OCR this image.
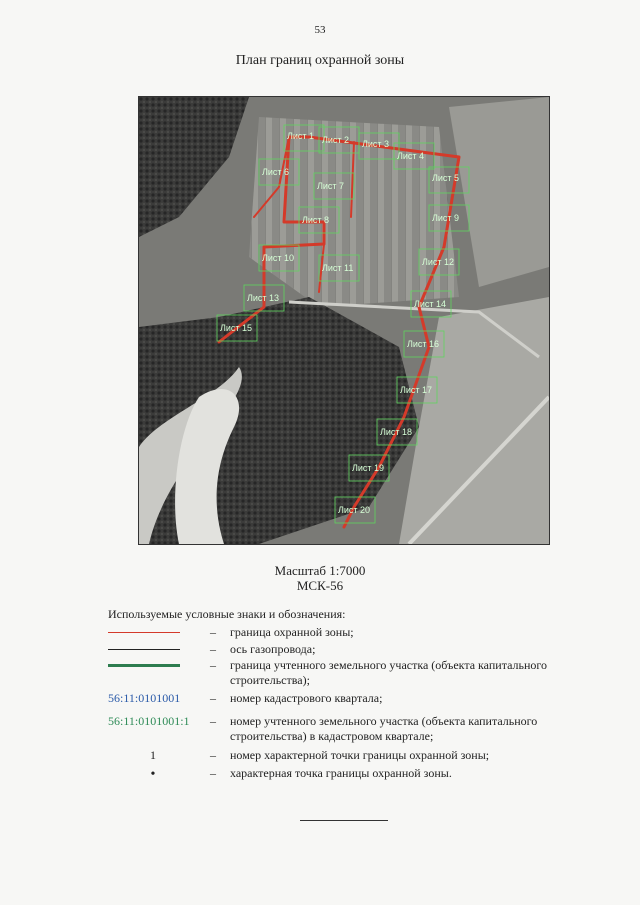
53
План границ охранной зоны
Лист 1 Лист 2 Лист 3
Лист 4
Лист 5
Лист 6
Лист 7
Лист 8	Лист 9
Лист 10
Лист 11
Лист 12
Лист 13
Лист 14
Лист 15
Лист 16
Лист 17
Лист 18
Лист 19
Лист 20
Масштаб 1:7000
МСК-56
Используемые условные знаки и обозначения:
–	граница охранной зоны;
–	ось газопровода;
–	граница учтенного земельного участка (объекта капитального строительства);
56:11:0101001	–	номер кадастрового квартала;
56:11:0101001:1	–	номер учтенного земельного участка (объекта капитального строительства) в кадастровом квартале;
1	–	номер характерной точки границы охранной зоны;
•	–	характерная точка границы охранной зоны.
